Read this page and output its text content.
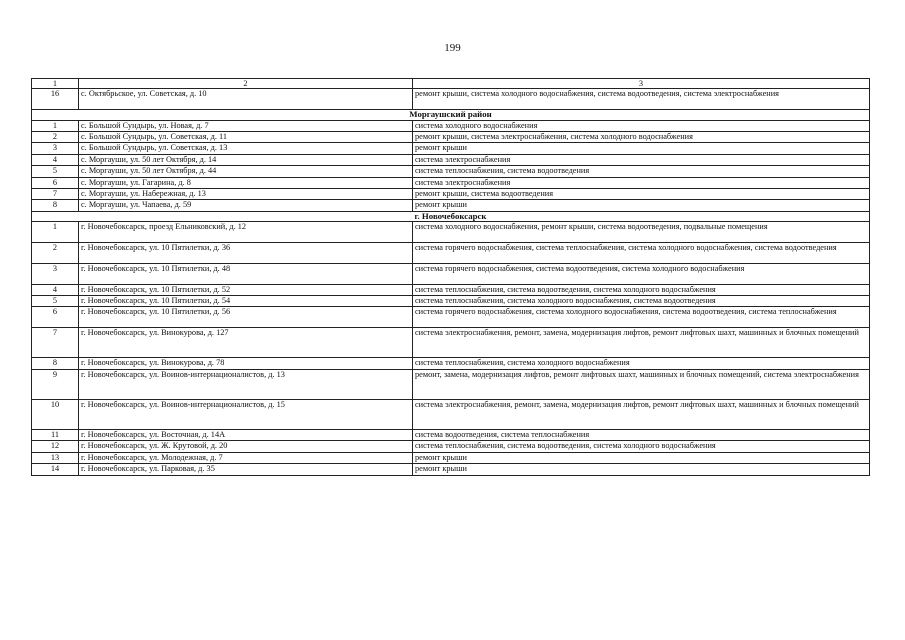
199
1	2	3
16	с. Октябрьское, ул. Советская, д. 10	ремонт крыши, система холодного водоснабжения, система водоотведения, система электроснабжения
Моргаушский район		
1	с. Большой Сундырь, ул. Новая, д. 7	система холодного водоснабжения
2	с. Большой Сундырь, ул. Советская, д. 11	ремонт крыши, система электроснабжения, система холодного водоснабжения
3	с. Большой Сундырь, ул. Советская, д. 13	ремонт крыши
4	с. Моргауши, ул. 50 лет Октября, д. 14	система электроснабжения
5	с. Моргауши, ул. 50 лет Октября, д. 44	система теплоснабжения, система водоотведения
6	с. Моргауши, ул. Гагарина, д. 8	система электроснабжения
7	с. Моргауши, ул. Набережная, д. 13	ремонт крыши, система водоотведения
8	с. Моргауши, ул. Чапаева, д. 59	ремонт крыши
г. Новочебоксарск		
1	г. Новочебоксарск, проезд Ельниковский, д. 12	система холодного водоснабжения, ремонт крыши, система водоотведения, подвальные помещения
2	г. Новочебоксарск, ул. 10 Пятилетки, д. 36	система горячего водоснабжения, система теплоснабжения, система холодного водоснабжения, система водоотведения
3	г. Новочебоксарск, ул. 10 Пятилетки, д. 48	система горячего водоснабжения, система водоотведения, система холодного водоснабжения
4	г. Новочебоксарск, ул. 10 Пятилетки, д. 52	система теплоснабжения, система водоотведения, система холодного водоснабжения
5	г. Новочебоксарск, ул. 10 Пятилетки, д. 54	система теплоснабжения, система холодного водоснабжения, система водоотведения
6	г. Новочебоксарск, ул. 10 Пятилетки, д. 56	система горячего водоснабжения, система холодного водоснабжения, система водоотведения, система теплоснабжения
7	г. Новочебоксарск, ул. Винокурова, д. 127	система электроснабжения, ремонт, замена, модернизация лифтов, ремонт лифтовых шахт, машинных и блочных помещений
8	г. Новочебоксарск, ул. Винокурова, д. 78	система теплоснабжения, система холодного водоснабжения
9	г. Новочебоксарск, ул. Воинов-интернационалистов, д. 13	ремонт, замена, модернизация лифтов, ремонт лифтовых шахт, машинных и блочных помещений, система электроснабжения
10	г. Новочебоксарск, ул. Воинов-интернационалистов, д. 15	система электроснабжения, ремонт, замена, модернизация лифтов, ремонт лифтовых шахт, машинных и блочных помещений
11	г. Новочебоксарск, ул. Восточная, д. 14А	система водоотведения, система теплоснабжения
12	г. Новочебоксарск, ул. Ж. Крутовой, д. 20	система теплоснабжения, система водоотведения, система холодного водоснабжения
13	г. Новочебоксарск, ул. Молодежная, д. 7	ремонт крыши
14	г. Новочебоксарск, ул. Парковая, д. 35	ремонт крыши
